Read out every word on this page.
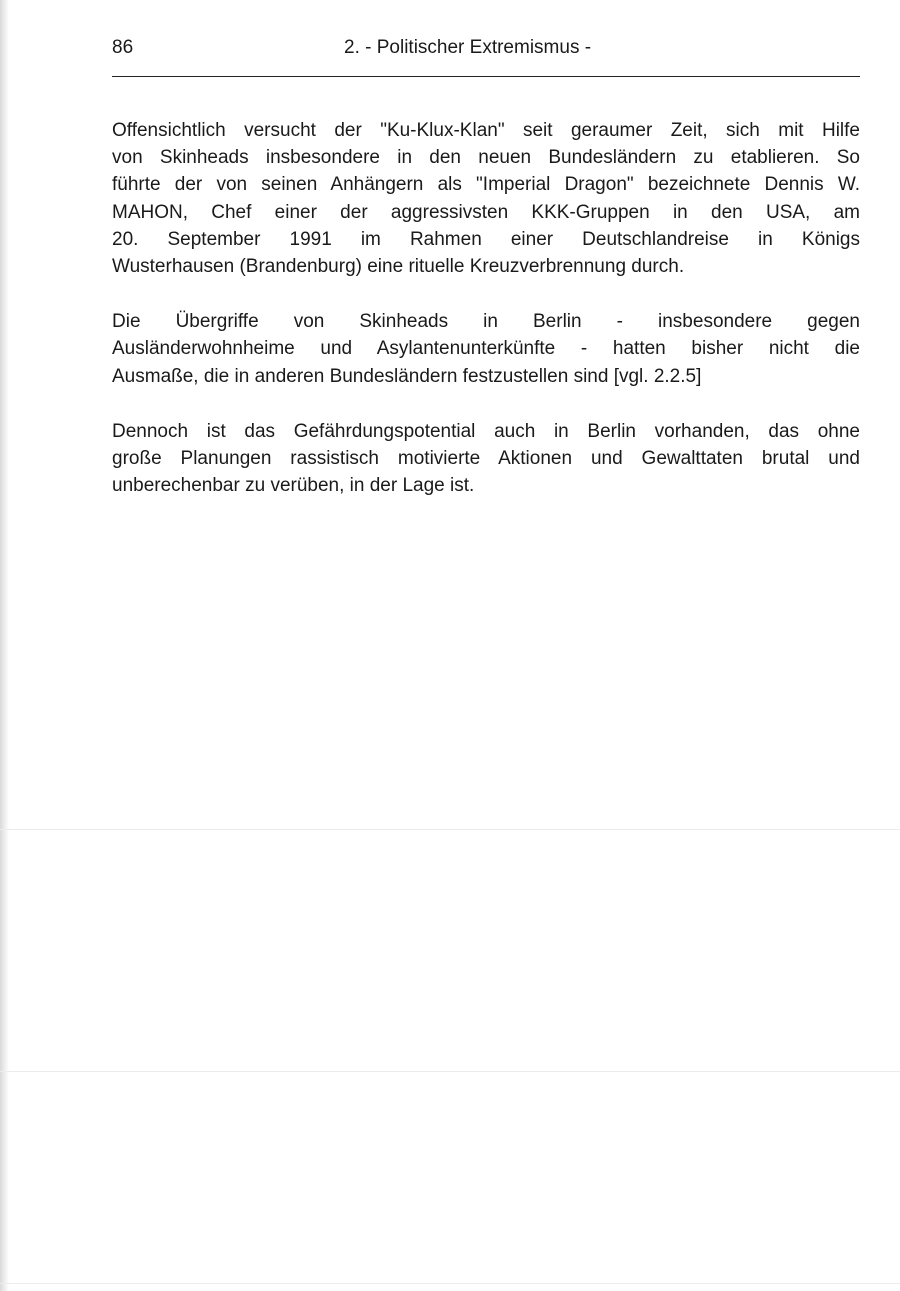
86	2. - Politischer Extremismus -

Offensichtlich versucht der "Ku-Klux-Klan" seit geraumer Zeit, sich mit Hilfe
von Skinheads insbesondere in den neuen Bundesländern zu etablieren. So
führte der von seinen Anhängern als "Imperial Dragon" bezeichnete Dennis W.
MAHON, Chef einer der aggressivsten KKK-Gruppen in den USA, am
20. September 1991 im Rahmen einer Deutschlandreise in Königs
Wusterhausen (Brandenburg) eine rituelle Kreuzverbrennung durch.

Die Übergriffe von Skinheads in Berlin - insbesondere gegen
Ausländerwohnheime und Asylantenunterkünfte - hatten bisher nicht die
Ausmaße, die in anderen Bundesländern festzustellen sind [vgl. 2.2.5]

Dennoch ist das Gefährdungspotential auch in Berlin vorhanden, das ohne
große Planungen rassistisch motivierte Aktionen und Gewalttaten brutal und
unberechenbar zu verüben, in der Lage ist.
